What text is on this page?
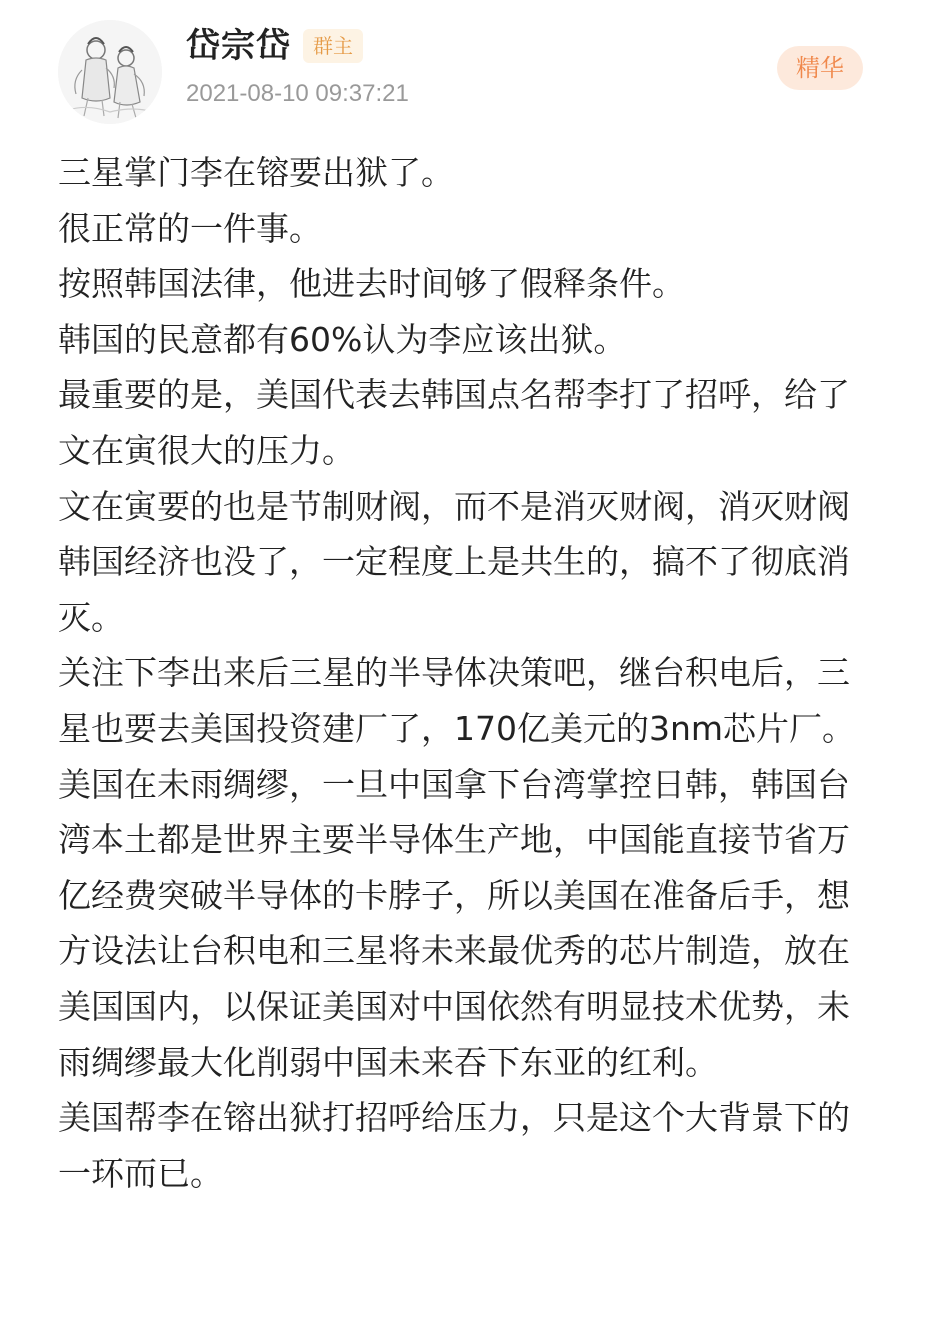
岱宗岱	群主
2021-08-10 09:37:21
精华

三星掌门李在镕要出狱了。

很正常的一件事。

按照韩国法律，他进去时间够了假释条件。

韩国的民意都有60%认为李应该出狱。

最重要的是，美国代表去韩国点名帮李打了招呼，给了文在寅很大的压力。

文在寅要的也是节制财阀，而不是消灭财阀，消灭财阀韩国经济也没了，一定程度上是共生的，搞不了彻底消灭。

关注下李出来后三星的半导体决策吧，继台积电后，三星也要去美国投资建厂了，170亿美元的3nm芯片厂。

美国在未雨绸缪，一旦中国拿下台湾掌控日韩，韩国台湾本土都是世界主要半导体生产地，中国能直接节省万亿经费突破半导体的卡脖子，所以美国在准备后手，想方设法让台积电和三星将未来最优秀的芯片制造，放在美国国内，以保证美国对中国依然有明显技术优势，未雨绸缪最大化削弱中国未来吞下东亚的红利。

美国帮李在镕出狱打招呼给压力，只是这个大背景下的一环而已。
